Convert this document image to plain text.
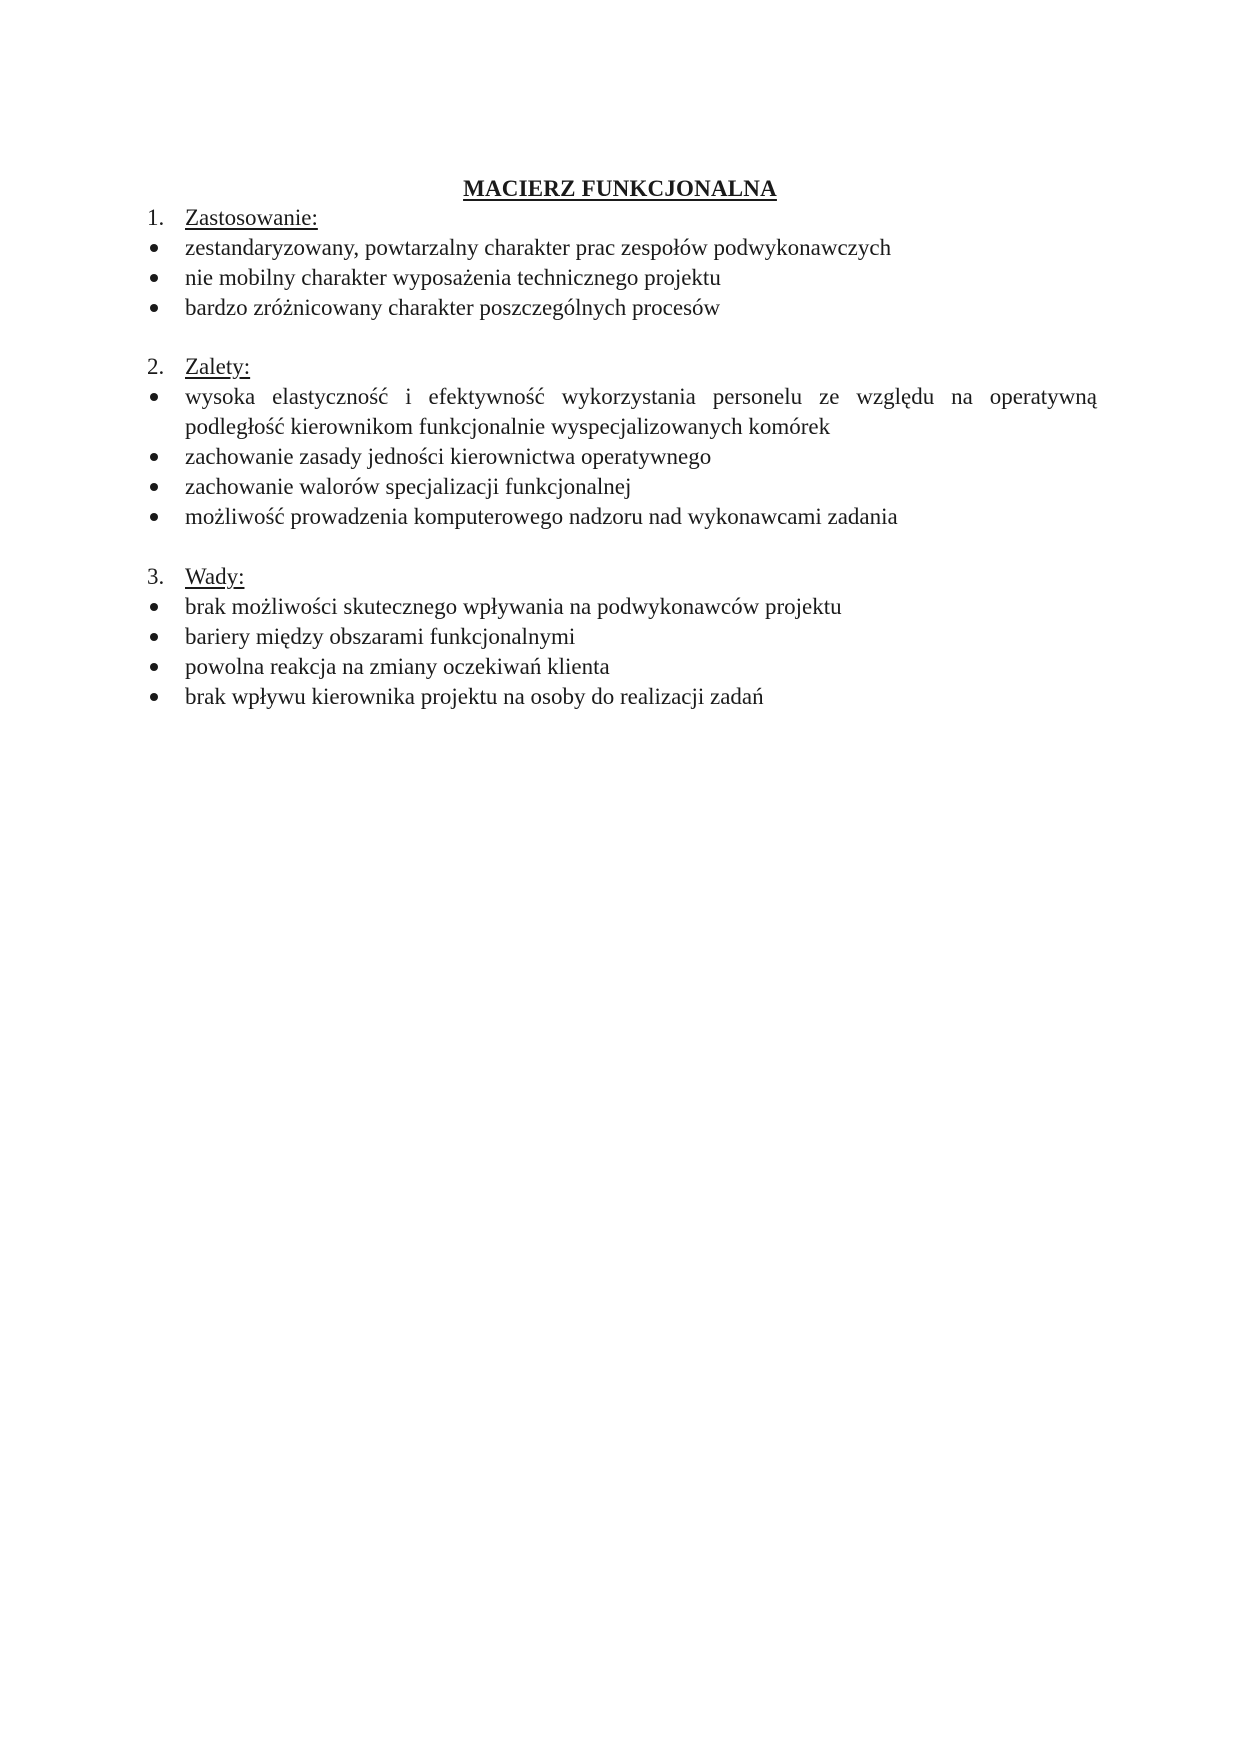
MACIERZ FUNKCJONALNA
1. Zastosowanie:
zestandaryzowany, powtarzalny charakter prac zespołów podwykonawczych
nie mobilny charakter wyposażenia technicznego projektu
bardzo zróżnicowany charakter poszczególnych procesów
2. Zalety:
wysoka elastyczność i efektywność wykorzystania personelu ze względu na operatywną
podległość kierownikom funkcjonalnie wyspecjalizowanych komórek
zachowanie zasady jedności kierownictwa operatywnego
zachowanie walorów specjalizacji funkcjonalnej
możliwość prowadzenia komputerowego nadzoru nad wykonawcami zadania
3. Wady:
brak możliwości skutecznego wpływania na podwykonawców projektu
bariery między obszarami funkcjonalnymi
powolna reakcja na zmiany oczekiwań klienta
brak wpływu kierownika projektu na osoby do realizacji zadań
